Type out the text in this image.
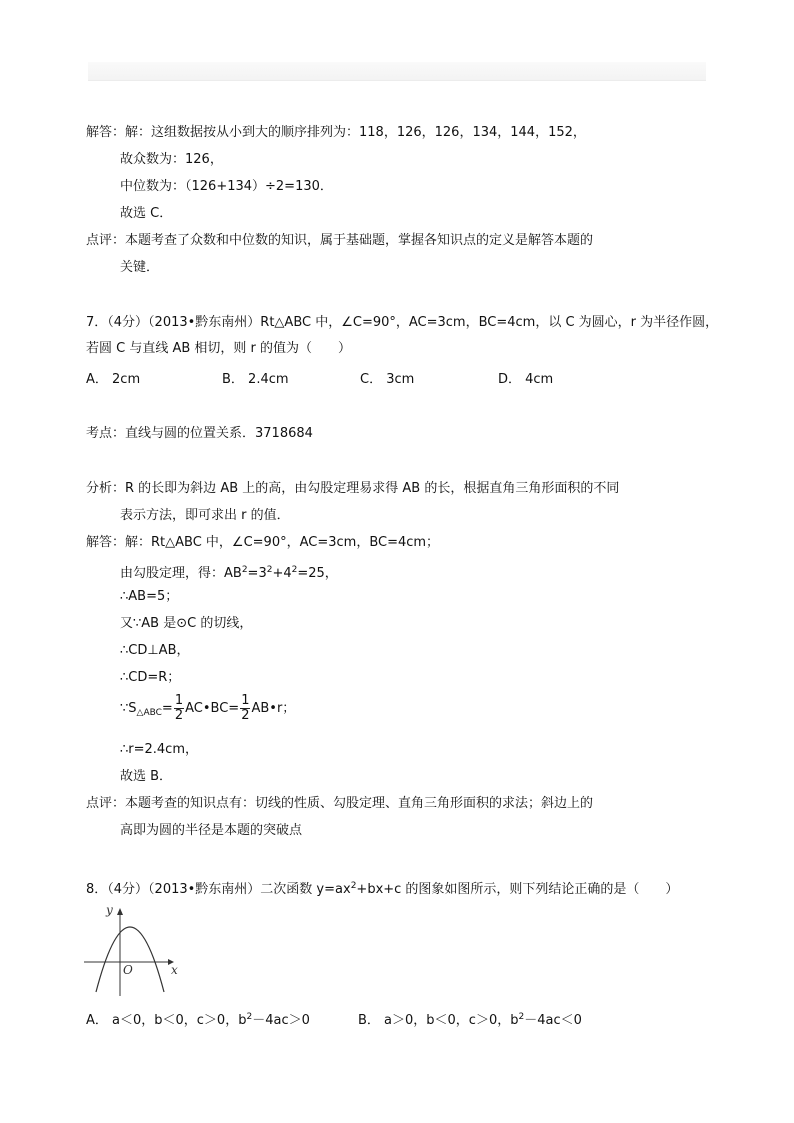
解答：解：这组数据按从小到大的顺序排列为：118，126，126，134，144，152，
故众数为：126，
中位数为：（126+134）÷2=130．
故选 C．
点评：本题考查了众数和中位数的知识，属于基础题，掌握各知识点的定义是解答本题的
关键．
7．（4分）（2013•黔东南州）Rt△ABC 中，∠C=90°，AC=3cm，BC=4cm，以 C 为圆心，r 为半径作圆，
若圆 C 与直线 AB 相切，则 r 的值为（　　）
A． 2cm	B． 2.4cm	C． 3cm	D． 4cm
考点：直线与圆的位置关系．3718684
分析：R 的长即为斜边 AB 上的高，由勾股定理易求得 AB 的长，根据直角三角形面积的不同
表示方法，即可求出 r 的值．
解答：解：Rt△ABC 中，∠C=90°，AC=3cm，BC=4cm；
由勾股定理，得：$AB^2=3^2+4^2=25$，
∴AB=5；
又∵AB 是⊙C 的切线，
∴CD⊥AB，
∴CD=R；
$\because S_{\triangle ABC}= \frac{1}{2}$ AC•BC= $\frac{1}{2}$ AB•r；
∴r=2.4cm，
故选 B．
点评：本题考查的知识点有：切线的性质、勾股定理、直角三角形面积的求法；斜边上的
高即为圆的半径是本题的突破点
8．（4分）（2013•黔东南州）二次函数 $y=ax^2+bx+c$ 的图象如图所示，则下列结论正确的是（　　）
y
x
O
A． a＜0，b＜0，c＞0，$b^2-4ac>0$	B． a＞0，b＜0，c＞0，$b^2-4ac<0$
